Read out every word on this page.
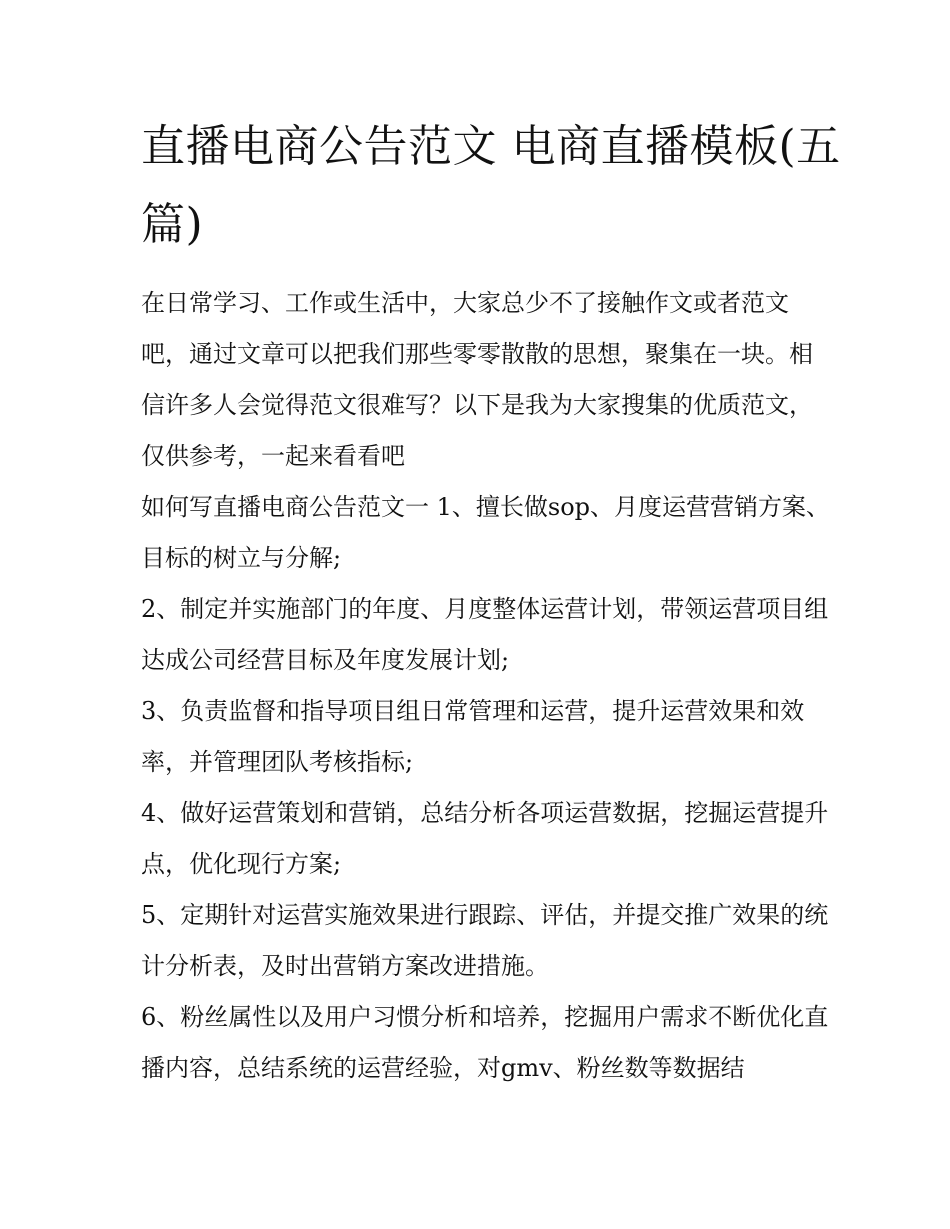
直播电商公告范文 电商直播模板(五篇)

在日常学习、工作或生活中，大家总少不了接触作文或者范文吧，通过文章可以把我们那些零零散散的思想，聚集在一块。相信许多人会觉得范文很难写？以下是我为大家搜集的优质范文，仅供参考，一起来看看吧

如何写直播电商公告范文一 1、擅长做sop、月度运营营销方案、目标的树立与分解;

2、制定并实施部门的年度、月度整体运营计划，带领运营项目组达成公司经营目标及年度发展计划;

3、负责监督和指导项目组日常管理和运营，提升运营效果和效率，并管理团队考核指标;

4、做好运营策划和营销，总结分析各项运营数据，挖掘运营提升点，优化现行方案;

5、定期针对运营实施效果进行跟踪、评估，并提交推广效果的统计分析表，及时出营销方案改进措施。

6、粉丝属性以及用户习惯分析和培养，挖掘用户需求不断优化直播内容，总结系统的运营经验，对gmv、粉丝数等数据结
